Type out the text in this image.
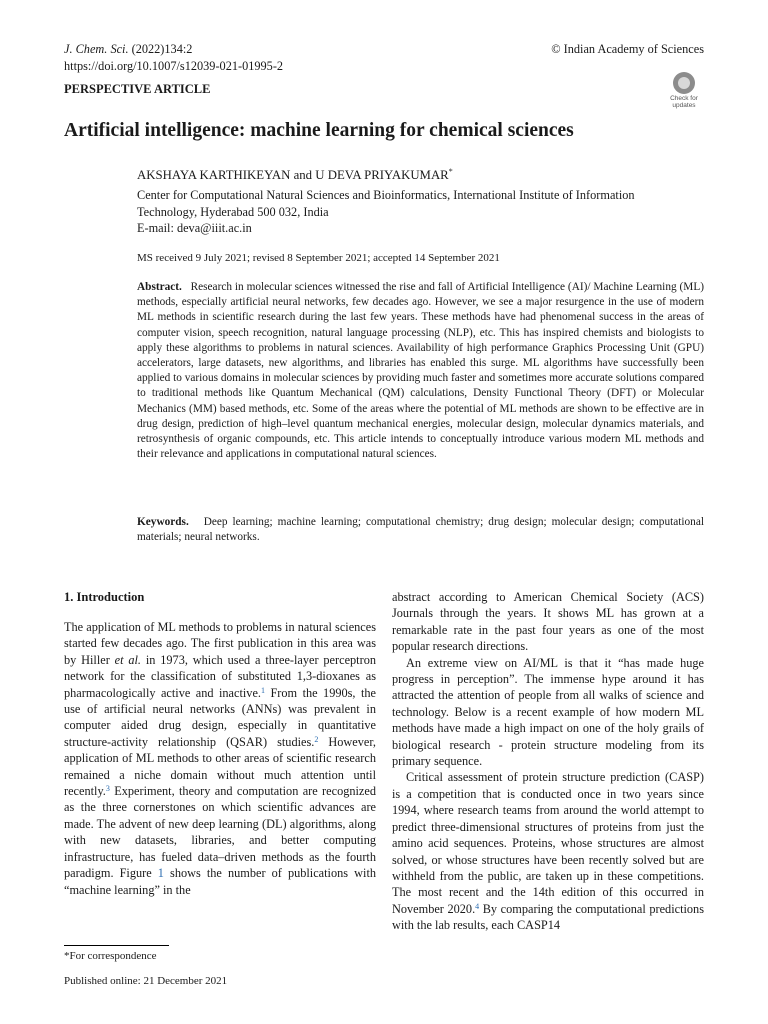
J. Chem. Sci. (2022)134:2
https://doi.org/10.1007/s12039-021-01995-2
© Indian Academy of Sciences
PERSPECTIVE ARTICLE
Check for
updates
Artificial intelligence: machine learning for chemical sciences
AKSHAYA KARTHIKEYAN and U DEVA PRIYAKUMAR*
Center for Computational Natural Sciences and Bioinformatics, International Institute of Information
Technology, Hyderabad 500 032, India
E-mail: deva@iiit.ac.in
MS received 9 July 2021; revised 8 September 2021; accepted 14 September 2021
Abstract. Research in molecular sciences witnessed the rise and fall of Artificial Intelligence (AI)/ Machine Learning (ML) methods, especially artificial neural networks, few decades ago. However, we see a major resurgence in the use of modern ML methods in scientific research during the last few years. These methods have had phenomenal success in the areas of computer vision, speech recognition, natural language processing (NLP), etc. This has inspired chemists and biologists to apply these algorithms to problems in natural sciences. Availability of high performance Graphics Processing Unit (GPU) accelerators, large datasets, new algorithms, and libraries has enabled this surge. ML algorithms have successfully been applied to various domains in molecular sciences by providing much faster and sometimes more accurate solutions compared to traditional methods like Quantum Mechanical (QM) calculations, Density Functional Theory (DFT) or Molecular Mechanics (MM) based methods, etc. Some of the areas where the potential of ML methods are shown to be effective are in drug design, prediction of high–level quantum mechanical energies, molecular design, molecular dynamics materials, and retrosynthesis of organic compounds, etc. This article intends to conceptually introduce various modern ML methods and their relevance and applications in computational natural sciences.
Keywords. Deep learning; machine learning; computational chemistry; drug design; molecular design; computational materials; neural networks.
1. Introduction

The application of ML methods to problems in natural sciences started few decades ago. The first publication in this area was by Hiller et al. in 1973, which used a three-layer perceptron network for the classification of substituted 1,3-dioxanes as pharmacologically active and inactive.$^1$ From the 1990s, the use of artificial neural networks (ANNs) was prevalent in computer aided drug design, especially in quantitative structure-activity relationship (QSAR) studies.$^2$ However, application of ML methods to other areas of scientific research remained a niche domain without much attention until recently.$^3$ Experiment, theory and computation are recognized as the three cornerstones on which scientific advances are made. The advent of new deep learning (DL) algorithms, along with new datasets, libraries, and better computing infrastructure, has fueled data–driven methods as the fourth paradigm. Figure 1 shows the number of publications with “machine learning” in the

abstract according to American Chemical Society (ACS) Journals through the years. It shows ML has grown at a remarkable rate in the past four years as one of the most popular research directions.

An extreme view on AI/ML is that it “has made huge progress in perception”. The immense hype around it has attracted the attention of people from all walks of science and technology. Below is a recent example of how modern ML methods have made a high impact on one of the holy grails of biological research - protein structure modeling from its primary sequence.

Critical assessment of protein structure prediction (CASP) is a competition that is conducted once in two years since 1994, where research teams from around the world attempt to predict three-dimensional structures of proteins from just the amino acid sequences. Proteins, whose structures are almost solved, or whose structures have been recently solved but are withheld from the public, are taken up in these competitions. The most recent and the 14th edition of this occurred in November 2020.$^4$ By comparing the computational predictions with the lab results, each CASP14

*For correspondence
Published online: 21 December 2021
